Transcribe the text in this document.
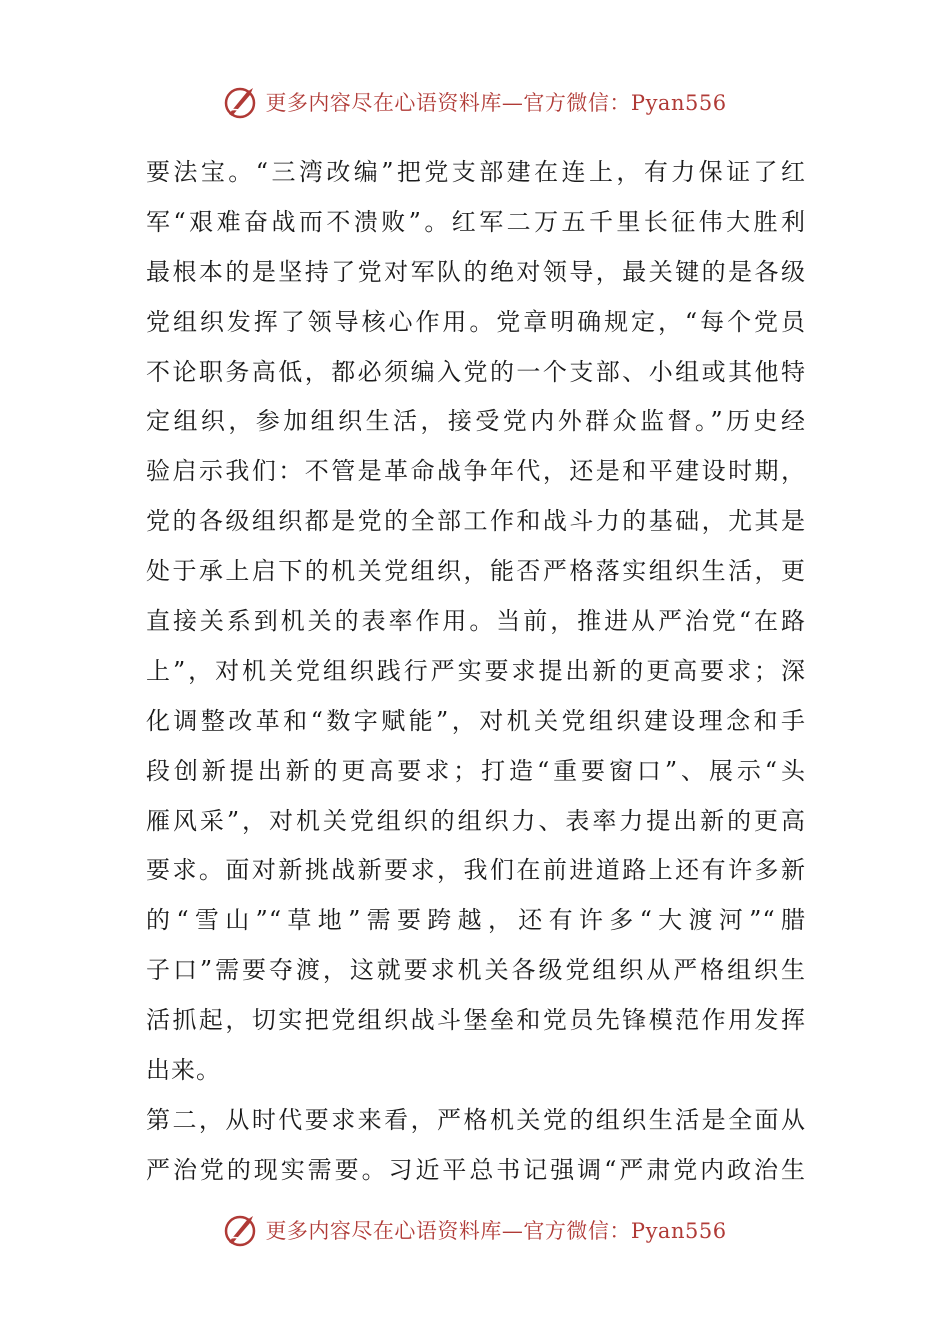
更多内容尽在心语资料库—官方微信：Pyan556
要法宝。“三湾改编”把党支部建在连上，有力保证了红
军“艰难奋战而不溃败”。红军二万五千里长征伟大胜利
最根本的是坚持了党对军队的绝对领导，最关键的是各级
党组织发挥了领导核心作用。党章明确规定，“每个党员
不论职务高低，都必须编入党的一个支部、小组或其他特
定组织，参加组织生活，接受党内外群众监督。”历史经
验启示我们：不管是革命战争年代，还是和平建设时期，
党的各级组织都是党的全部工作和战斗力的基础，尤其是
处于承上启下的机关党组织，能否严格落实组织生活，更
直接关系到机关的表率作用。当前，推进从严治党“在路
上”，对机关党组织践行严实要求提出新的更高要求；深
化调整改革和“数字赋能”，对机关党组织建设理念和手
段创新提出新的更高要求；打造“重要窗口”、展示“头
雁风采”，对机关党组织的组织力、表率力提出新的更高
要求。面对新挑战新要求，我们在前进道路上还有许多新
的“雪山”“草地”需要跨越，还有许多“大渡河”“腊
子口”需要夺渡，这就要求机关各级党组织从严格组织生
活抓起，切实把党组织战斗堡垒和党员先锋模范作用发挥
出来。
第二，从时代要求来看，严格机关党的组织生活是全面从
严治党的现实需要。习近平总书记强调“严肃党内政治生
更多内容尽在心语资料库—官方微信：Pyan556
